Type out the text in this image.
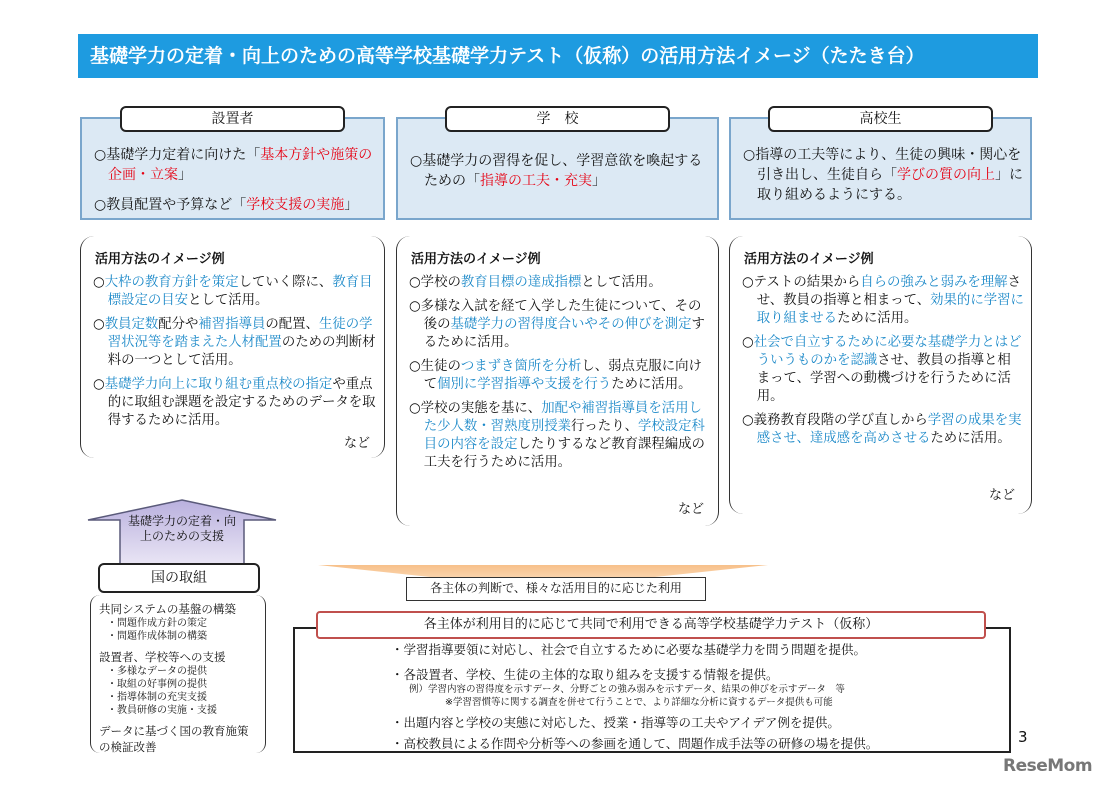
基礎学力の定着・向上のための高等学校基礎学力テスト（仮称）の活用方法イメージ（たたき台）
○基礎学力定着に向けた「基本方針や施策の企画・立案」
○教員配置や予算など「学校支援の実施」
設置者
○基礎学力の習得を促し、学習意欲を喚起するための「指導の工夫・充実」
学　校
○指導の工夫等により、生徒の興味・関心を引き出し、生徒自ら「学びの質の向上」に取り組めるようにする。
高校生
活用方法のイメージ例

○大枠の教育方針を策定していく際に、教育目標設定の目安として活用。

○教員定数配分や補習指導員の配置、生徒の学習状況等を踏まえた人材配置のための判断材料の一つとして活用。

○基礎学力向上に取り組む重点校の指定や重点的に取組む課題を設定するためのデータを取得するために活用。

など
活用方法のイメージ例

○学校の教育目標の達成指標として活用。

○多様な入試を経て入学した生徒について、その後の基礎学力の習得度合いやその伸びを測定するために活用。

○生徒のつまずき箇所を分析し、弱点克服に向けて個別に学習指導や支援を行うために活用。

○学校の実態を基に、加配や補習指導員を活用した少人数・習熟度別授業行ったり、学校設定科目の内容を設定したりするなど教育課程編成の工夫を行うために活用。

など
活用方法のイメージ例

○テストの結果から自らの強みと弱みを理解させ、教員の指導と相まって、効果的に学習に取り組ませるために活用。

○社会で自立するために必要な基礎学力とはどういうものかを認識させ、教員の指導と相まって、学習への動機づけを行うために活用。

○義務教育段階の学び直しから学習の成果を実感させ、達成感を高めさせるために活用。

など
基礎学力の定着・向上のための支援
国の取組
共同システムの基盤の構築
・問題作成方針の策定
・問題作成体制の構築
設置者、学校等への支援
・多様なデータの提供
・取組の好事例の提供
・指導体制の充実支援
・教員研修の実施・支援
データに基づく国の教育施策の検証改善
各主体の判断で、様々な活用目的に応じた利用
・学習指導要領に対応し、社会で自立するために必要な基礎学力を問う問題を提供。
・各設置者、学校、生徒の主体的な取り組みを支援する情報を提供。
例）学習内容の習得度を示すデータ、分野ごとの強み弱みを示すデータ、結果の伸びを示すデータ　等
※学習習慣等に関する調査を併せて行うことで、より詳細な分析に資するデータ提供も可能
・出題内容と学校の実態に対応した、授業・指導等の工夫やアイデア例を提供。
・高校教員による作問や分析等への参画を通して、問題作成手法等の研修の場を提供。
各主体が利用目的に応じて共同で利用できる高等学校基礎学力テスト（仮称）
3
ReseMom
